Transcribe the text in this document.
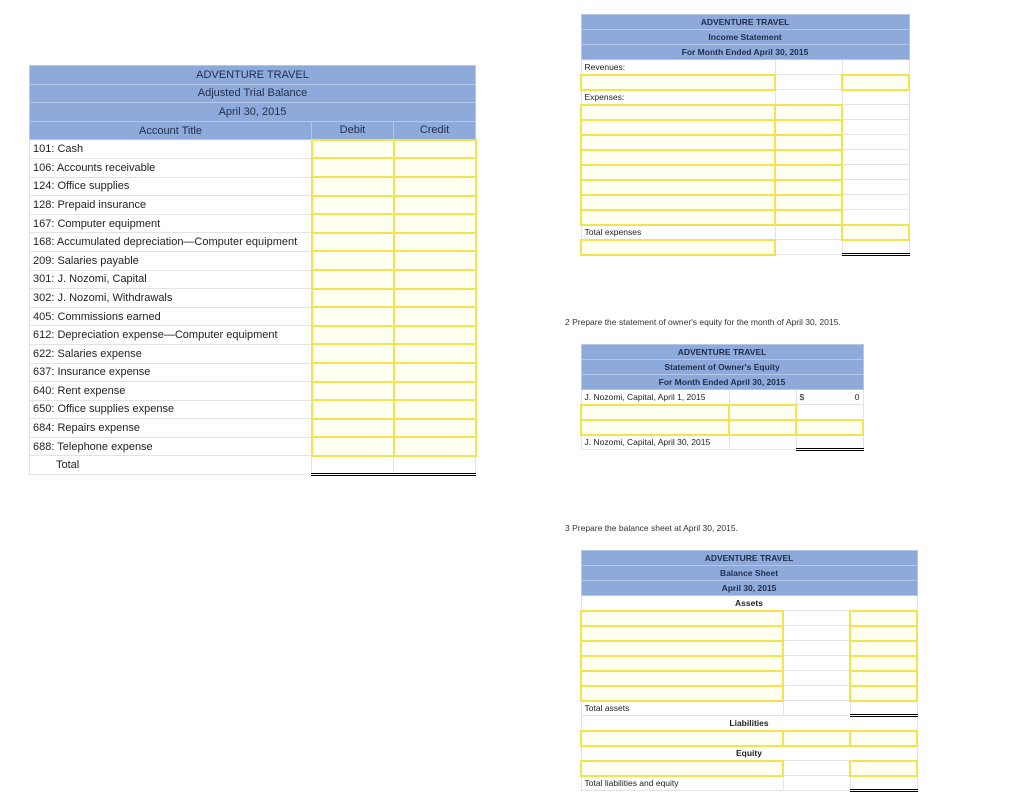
ADVENTURE TRAVEL		
Adjusted Trial Balance		
April 30, 2015		
Account Title	Debit	Credit
101: Cash		
106: Accounts receivable		
124: Office supplies		
128: Prepaid insurance		
167: Computer equipment		
168: Accumulated depreciation—Computer equipment		
209: Salaries payable		
301: J. Nozomi, Capital		
302: J. Nozomi, Withdrawals		
405: Commissions earned		
612: Depreciation expense—Computer equipment		
622: Salaries expense		
637: Insurance expense		
640: Rent expense		
650: Office supplies expense		
684: Repairs expense		
688: Telephone expense		
Total		
ADVENTURE TRAVEL		
Income Statement		
For Month Ended April 30, 2015		
Revenues:		

Expenses:		

Total expenses		

2 Prepare the statement of owner's equity for the month of April 30, 2015.
ADVENTURE TRAVEL		
Statement of Owner's Equity		
For Month Ended April 30, 2015		
J. Nozomi, Capital, April 1, 2015		$ 0

J. Nozomi, Capital, April 30, 2015		
3 Prepare the balance sheet at April 30, 2015.
ADVENTURE TRAVEL		
Balance Sheet		
April 30, 2015		
Assets		

Total assets		
Liabilities		

Equity		

Total liabilities and equity		
